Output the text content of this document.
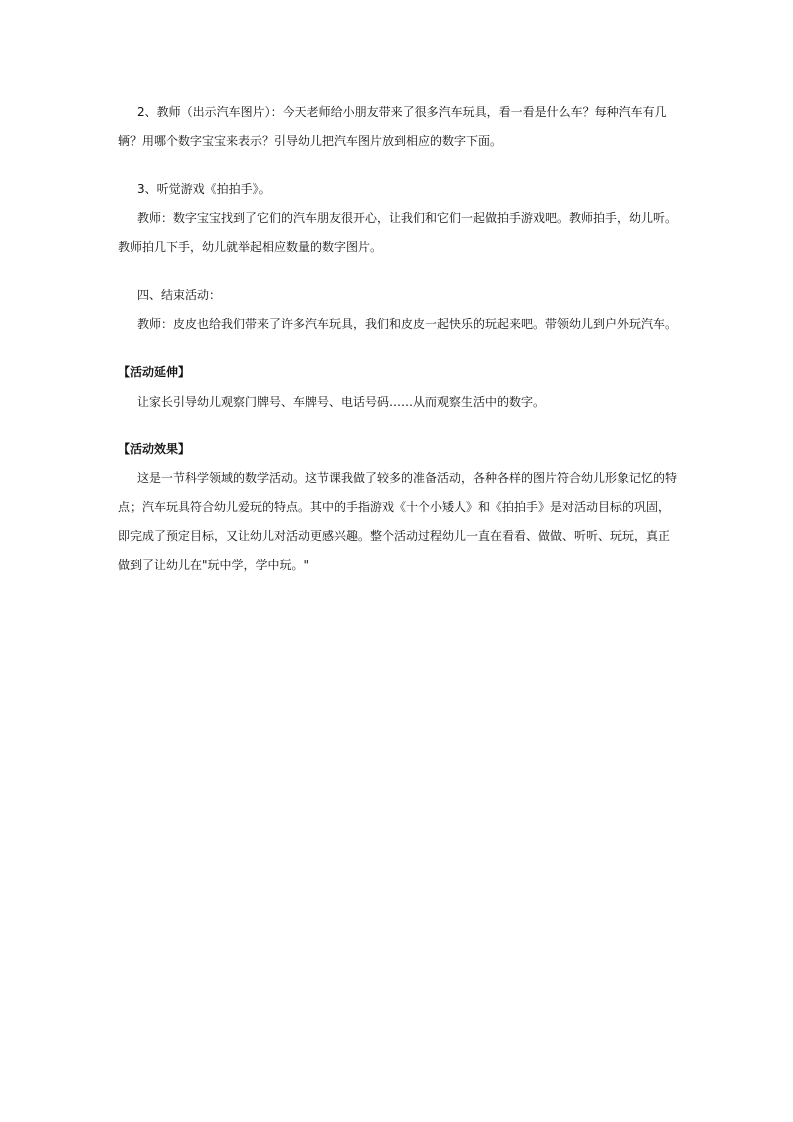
2、教师（出示汽车图片）：今天老师给小朋友带来了很多汽车玩具，看一看是什么车？每种汽车有几
辆？用哪个数字宝宝来表示？引导幼儿把汽车图片放到相应的数字下面。
3、听觉游戏《拍拍手》。
教师：数字宝宝找到了它们的汽车朋友很开心，让我们和它们一起做拍手游戏吧。教师拍手，幼儿听。
教师拍几下手，幼儿就举起相应数量的数字图片。
四、结束活动：
教师：皮皮也给我们带来了许多汽车玩具，我们和皮皮一起快乐的玩起来吧。带领幼儿到户外玩汽车。
【活动延伸】
让家长引导幼儿观察门牌号、车牌号、电话号码……从而观察生活中的数字。
【活动效果】
这是一节科学领域的数学活动。这节课我做了较多的准备活动，各种各样的图片符合幼儿形象记忆的特
点；汽车玩具符合幼儿爱玩的特点。其中的手指游戏《十个小矮人》和《拍拍手》是对活动目标的巩固，
即完成了预定目标，又让幼儿对活动更感兴趣。整个活动过程幼儿一直在看看、做做、听听、玩玩，真正
做到了让幼儿在"玩中学，学中玩。"
